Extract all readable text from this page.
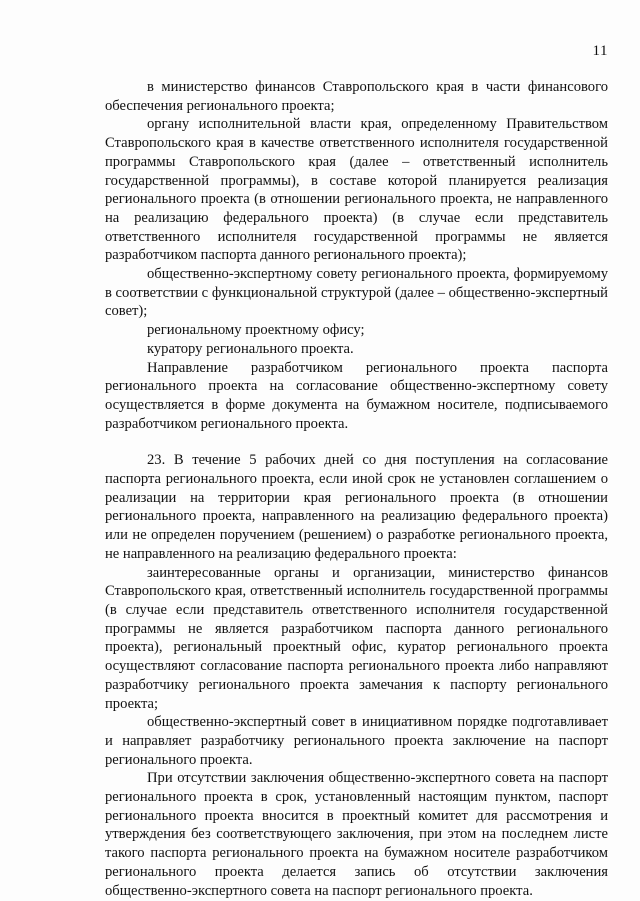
11

в министерство финансов Ставропольского края в части финансового обеспечения регионального проекта;

органу исполнительной власти края, определенному Правительством Ставропольского края в качестве ответственного исполнителя государственной программы Ставропольского края (далее – ответственный исполнитель государственной программы), в составе которой планируется реализация регионального проекта (в отношении регионального проекта, не направленного на реализацию федерального проекта) (в случае если представитель ответственного исполнителя государственной программы не является разработчиком паспорта данного регионального проекта);

общественно-экспертному совету регионального проекта, формируемому в соответствии с функциональной структурой (далее – общественно-экспертный совет);

региональному проектному офису;

куратору регионального проекта.

Направление разработчиком регионального проекта паспорта регионального проекта на согласование общественно-экспертному совету осуществляется в форме документа на бумажном носителе, подписываемого разработчиком регионального проекта.

23. В течение 5 рабочих дней со дня поступления на согласование паспорта регионального проекта, если иной срок не установлен соглашением о реализации на территории края регионального проекта (в отношении регионального проекта, направленного на реализацию федерального проекта) или не определен поручением (решением) о разработке регионального проекта, не направленного на реализацию федерального проекта:

заинтересованные органы и организации, министерство финансов Ставропольского края, ответственный исполнитель государственной программы (в случае если представитель ответственного исполнителя государственной программы не является разработчиком паспорта данного регионального проекта), региональный проектный офис, куратор регионального проекта осуществляют согласование паспорта регионального проекта либо направляют разработчику регионального проекта замечания к паспорту регионального проекта;

общественно-экспертный совет в инициативном порядке подготавливает и направляет разработчику регионального проекта заключение на паспорт регионального проекта.

При отсутствии заключения общественно-экспертного совета на паспорт регионального проекта в срок, установленный настоящим пунктом, паспорт регионального проекта вносится в проектный комитет для рассмотрения и утверждения без соответствующего заключения, при этом на последнем листе такого паспорта регионального проекта на бумажном носителе разработчиком регионального проекта делается запись об отсутствии заключения общественно-экспертного совета на паспорт регионального проекта.
